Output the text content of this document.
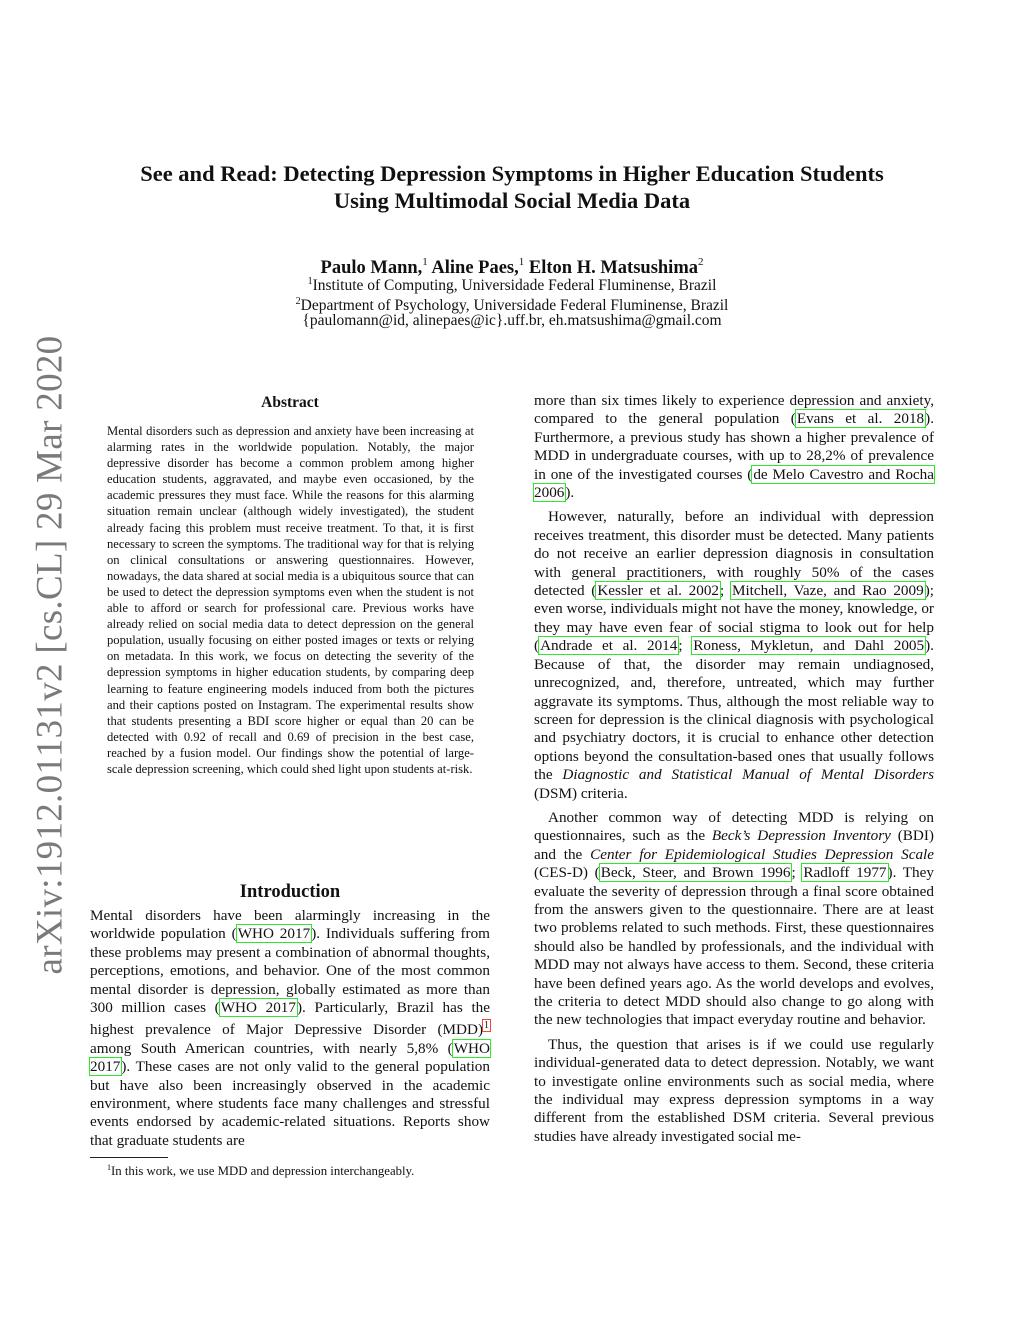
arXiv:1912.01131v2 [cs.CL] 29 Mar 2020
See and Read: Detecting Depression Symptoms in Higher Education Students
Using Multimodal Social Media Data
Paulo Mann,$^1$ Aline Paes,$^1$ Elton H. Matsushima$^2$
$^1$Institute of Computing, Universidade Federal Fluminense, Brazil
$^2$Department of Psychology, Universidade Federal Fluminense, Brazil
{paulomann@id, alinepaes@ic}.uff.br, eh.matsushima@gmail.com
Abstract

Mental disorders such as depression and anxiety have been increasing at alarming rates in the worldwide population. Notably, the major depressive disorder has become a common problem among higher education students, aggravated, and maybe even occasioned, by the academic pressures they must face. While the reasons for this alarming situation remain unclear (although widely investigated), the student already facing this problem must receive treatment. To that, it is first necessary to screen the symptoms. The traditional way for that is relying on clinical consultations or answering questionnaires. However, nowadays, the data shared at social media is a ubiquitous source that can be used to detect the depression symptoms even when the student is not able to afford or search for professional care. Previous works have already relied on social media data to detect depression on the general population, usually focusing on either posted images or texts or relying on metadata. In this work, we focus on detecting the severity of the depression symptoms in higher education students, by comparing deep learning to feature engineering models induced from both the pictures and their captions posted on Instagram. The experimental results show that students presenting a BDI score higher or equal than 20 can be detected with 0.92 of recall and 0.69 of precision in the best case, reached by a fusion model. Our findings show the potential of large-scale depression screening, which could shed light upon students at-risk.

Introduction

Mental disorders have been alarmingly increasing in the worldwide population (WHO 2017). Individuals suffering from these problems may present a combination of abnormal thoughts, perceptions, emotions, and behavior. One of the most common mental disorder is depression, globally estimated as more than 300 million cases (WHO 2017). Particularly, Brazil has the highest prevalence of Major Depressive Disorder (MDD)$^1$ among South American countries, with nearly 5,8% (WHO 2017). These cases are not only valid to the general population but have also been increasingly observed in the academic environment, where students face many challenges and stressful events endorsed by academic-related situations. Reports show that graduate students are

$^1$In this work, we use MDD and depression interchangeably.

more than six times likely to experience depression and anxiety, compared to the general population (Evans et al. 2018). Furthermore, a previous study has shown a higher prevalence of MDD in undergraduate courses, with up to 28,2% of prevalence in one of the investigated courses (de Melo Cavestro and Rocha 2006).

However, naturally, before an individual with depression receives treatment, this disorder must be detected. Many patients do not receive an earlier depression diagnosis in consultation with general practitioners, with roughly 50% of the cases detected (Kessler et al. 2002; Mitchell, Vaze, and Rao 2009); even worse, individuals might not have the money, knowledge, or they may have even fear of social stigma to look out for help (Andrade et al. 2014; Roness, Mykletun, and Dahl 2005). Because of that, the disorder may remain undiagnosed, unrecognized, and, therefore, untreated, which may further aggravate its symptoms. Thus, although the most reliable way to screen for depression is the clinical diagnosis with psychological and psychiatry doctors, it is crucial to enhance other detection options beyond the consultation-based ones that usually follows the Diagnostic and Statistical Manual of Mental Disorders (DSM) criteria.

Another common way of detecting MDD is relying on questionnaires, such as the Beck’s Depression Inventory (BDI) and the Center for Epidemiological Studies Depression Scale (CES-D) (Beck, Steer, and Brown 1996; Radloff 1977). They evaluate the severity of depression through a final score obtained from the answers given to the questionnaire. There are at least two problems related to such methods. First, these questionnaires should also be handled by professionals, and the individual with MDD may not always have access to them. Second, these criteria have been defined years ago. As the world develops and evolves, the criteria to detect MDD should also change to go along with the new technologies that impact everyday routine and behavior.

Thus, the question that arises is if we could use regularly individual-generated data to detect depression. Notably, we want to investigate online environments such as social media, where the individual may express depression symptoms in a way different from the established DSM criteria. Several previous studies have already investigated social me-
